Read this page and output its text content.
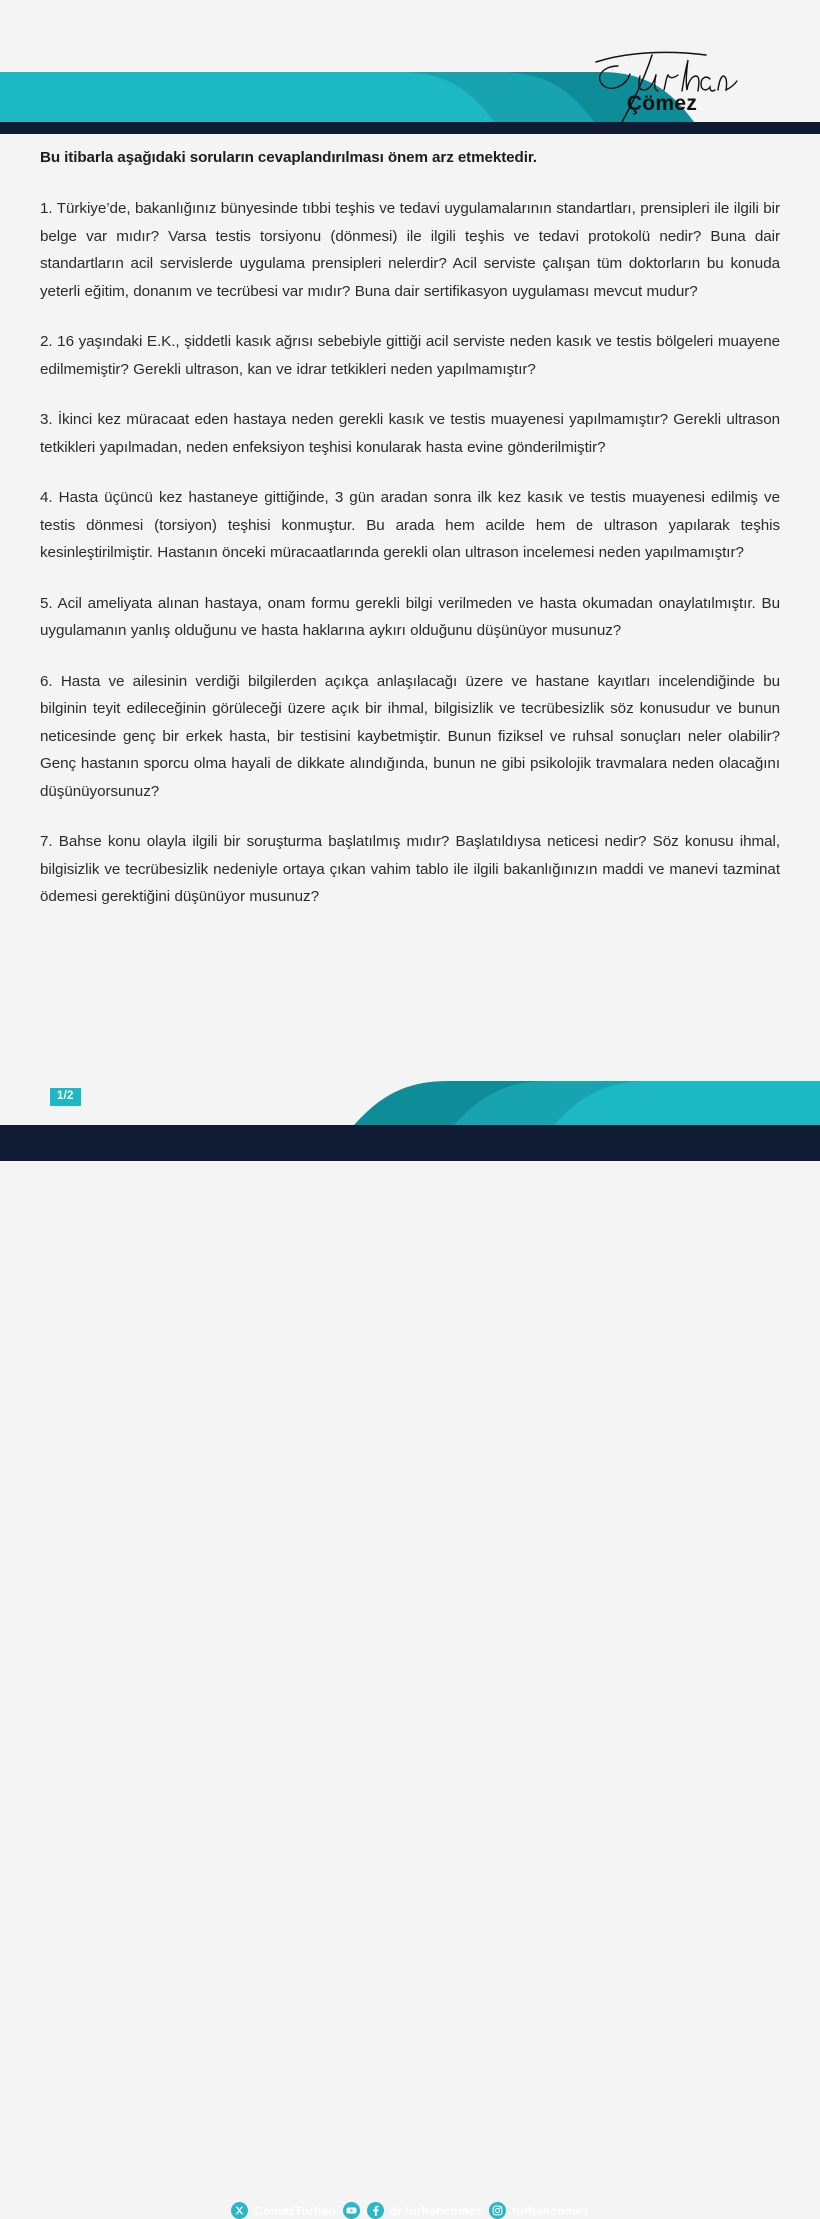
Çömez

Bu itibarla aşağıdaki soruların cevaplandırılması önem arz etmektedir.

1. Türkiye’de, bakanlığınız bünyesinde tıbbi teşhis ve tedavi uygulamalarının standartları, prensipleri ile ilgili bir belge var mıdır? Varsa testis torsiyonu (dönmesi) ile ilgili teşhis ve tedavi protokolü nedir? Buna dair standartların acil servislerde uygulama prensipleri nelerdir? Acil serviste çalışan tüm doktorların bu konuda yeterli eğitim, donanım ve tecrübesi var mıdır? Buna dair sertifikasyon uygulaması mevcut mudur?

2. 16 yaşındaki E.K., şiddetli kasık ağrısı sebebiyle gittiği acil serviste neden kasık ve testis bölgeleri muayene edilmemiştir? Gerekli ultrason, kan ve idrar tetkikleri neden yapılmamıştır?

3. İkinci kez müracaat eden hastaya neden gerekli kasık ve testis muayenesi yapılmamıştır? Gerekli ultrason tetkikleri yapılmadan, neden enfeksiyon teşhisi konularak hasta evine gönderilmiştir?

4. Hasta üçüncü kez hastaneye gittiğinde, 3 gün aradan sonra ilk kez kasık ve testis muayenesi edilmiş ve testis dönmesi (torsiyon) teşhisi konmuştur. Bu arada hem acilde hem de ultrason yapılarak teşhis kesinleştirilmiştir. Hastanın önceki müracaatlarında gerekli olan ultrason incelemesi neden yapılmamıştır?

5. Acil ameliyata alınan hastaya, onam formu gerekli bilgi verilmeden ve hasta okumadan onaylatılmıştır. Bu uygulamanın yanlış olduğunu ve hasta haklarına aykırı olduğunu düşünüyor musunuz?

6. Hasta ve ailesinin verdiği bilgilerden açıkça anlaşılacağı üzere ve hastane kayıtları incelendiğinde bu bilginin teyit edileceğinin görüleceği üzere açık bir ihmal, bilgisizlik ve tecrübesizlik söz konusudur ve bunun neticesinde genç bir erkek hasta, bir testisini kaybetmiştir. Bunun fiziksel ve ruhsal sonuçları neler olabilir? Genç hastanın sporcu olma hayali de dikkate alındığında, bunun ne gibi psikolojik travmalara neden olacağını düşünüyorsunuz?

7. Bahse konu olayla ilgili bir soruşturma başlatılmış mıdır? Başlatıldıysa neticesi nedir? Söz konusu ihmal, bilgisizlik ve tecrübesizlik nedeniyle ortaya çıkan vahim tablo ile ilgili bakanlığınızın maddi ve manevi tazminat ödemesi gerektiğini düşünüyor musunuz?

1/2
ComezTurhan	dr.turhancomez turhancomez
